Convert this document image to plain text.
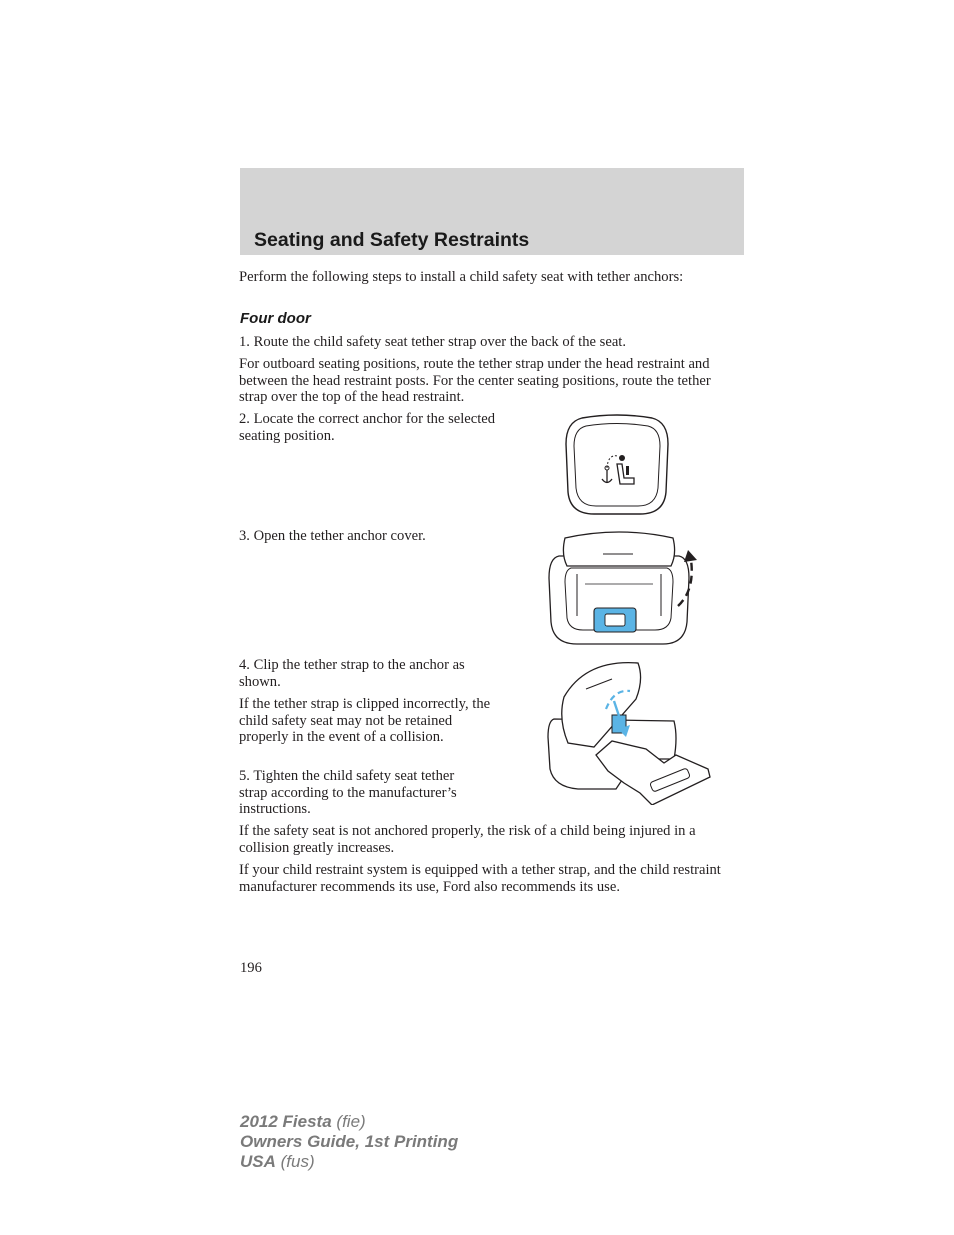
Seating and Safety Restraints

Perform the following steps to install a child safety seat with tether anchors:

Four door

1. Route the child safety seat tether strap over the back of the seat.

For outboard seating positions, route the tether strap under the head restraint and between the head restraint posts. For the center seating positions, route the tether strap over the top of the head restraint.

2. Locate the correct anchor for the selected seating position.

3. Open the tether anchor cover.

4. Clip the tether strap to the anchor as shown.

If the tether strap is clipped incorrectly, the child safety seat may not be retained properly in the event of a collision.

5. Tighten the child safety seat tether strap according to the manufacturer’s instructions.

If the safety seat is not anchored properly, the risk of a child being injured in a collision greatly increases.

If your child restraint system is equipped with a tether strap, and the child restraint manufacturer recommends its use, Ford also recommends its use.

196

2012 Fiesta (fie)
Owners Guide, 1st Printing
USA (fus)
